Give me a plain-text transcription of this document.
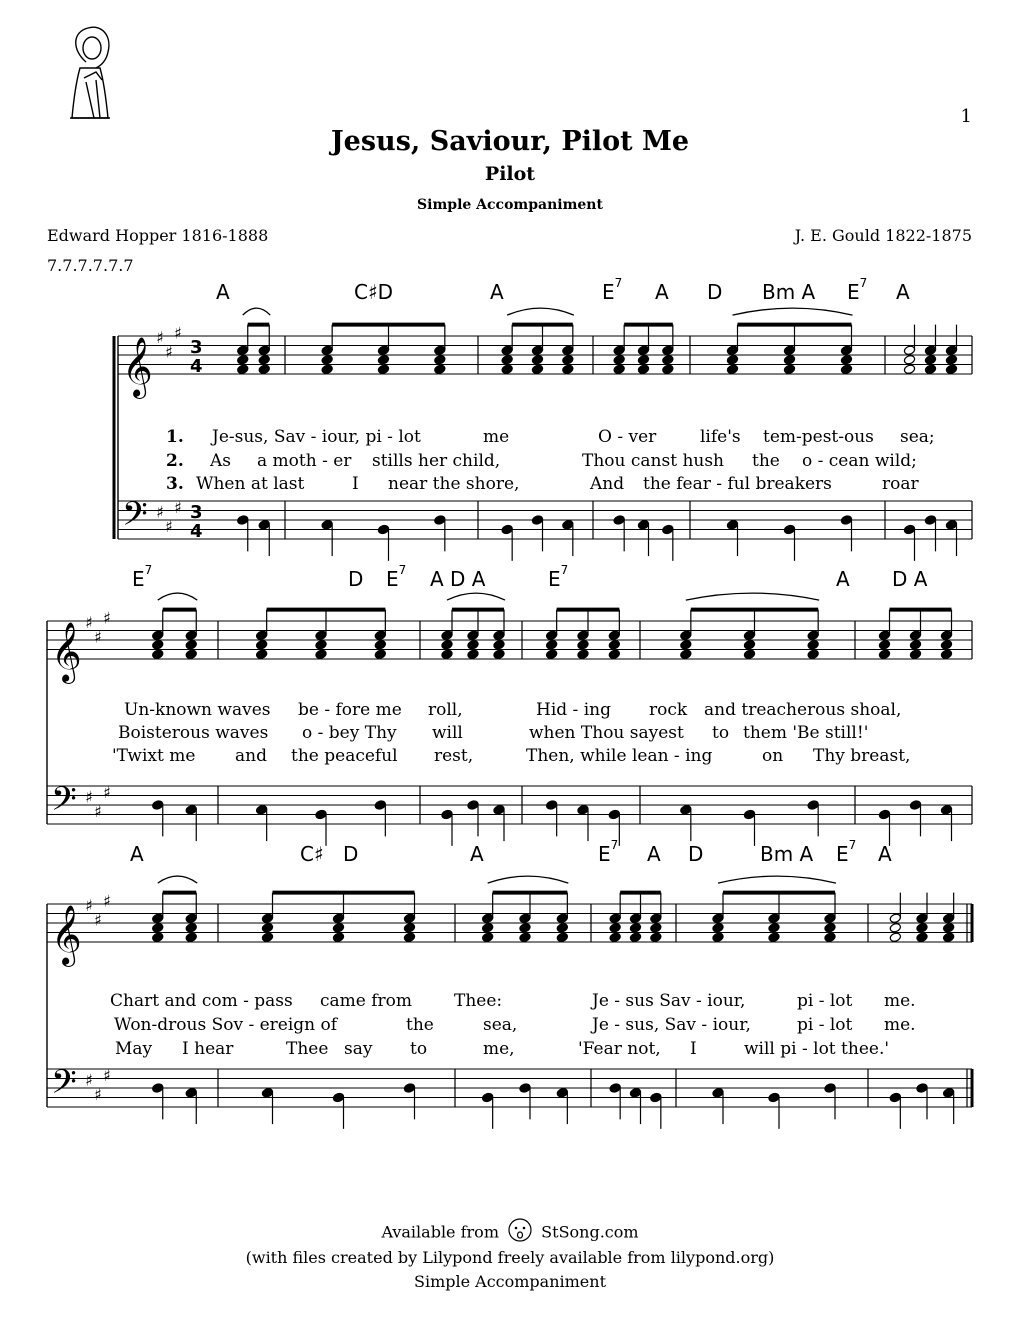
1
Jesus, Saviour, Pilot Me
Pilot
Simple Accompaniment
Edward Hopper 1816-1888	J. E. Gould 1822-1875
7.7.7.7.7.7
A	C♯D	A	$E^7$ A D Bm A $E^7$ A
1. Je-sus, Sav - iour, pi - lot	me	O - ver	life's tem-pest-ous sea;
2. As a moth - er stills her child,	Thou canst hush the o - cean wild;
3. When at last	I near the shore,	And the fear - ful breakers	roar
$E^7$	D $E^7$ A D A	$E^7$	A D A
Un-known waves be - fore me roll,	Hid - ing rock and treacherous shoal,
Boisterous waves o - bey Thy will	when Thou sayest to them 'Be still!'
'Twixt me and the peaceful rest,	Then, while lean - ing	on Thy breast,
A	C♯ D	A	$E^7$ A D	Bm A $E^7$ A
Chart and com - pass came from Thee:	Je - sus Sav - iour,	pi - lot me.
Won-drous Sov - ereign of	the	sea,	Je - sus, Sav - iour,	pi - lot me.
May I hear	Thee say to	me,	'Fear not, I	will pi - lot thee.'
𝄞
𝄢
♯
♯
♯
♯
♯
♯
3
4
3
4
𝄞
𝄢
♯
♯
♯
♯
♯
♯
𝄞
𝄢
♯
♯
♯
♯
♯
♯
Available from	StSong.com
(with files created by Lilypond freely available from lilypond.org)
Simple Accompaniment
